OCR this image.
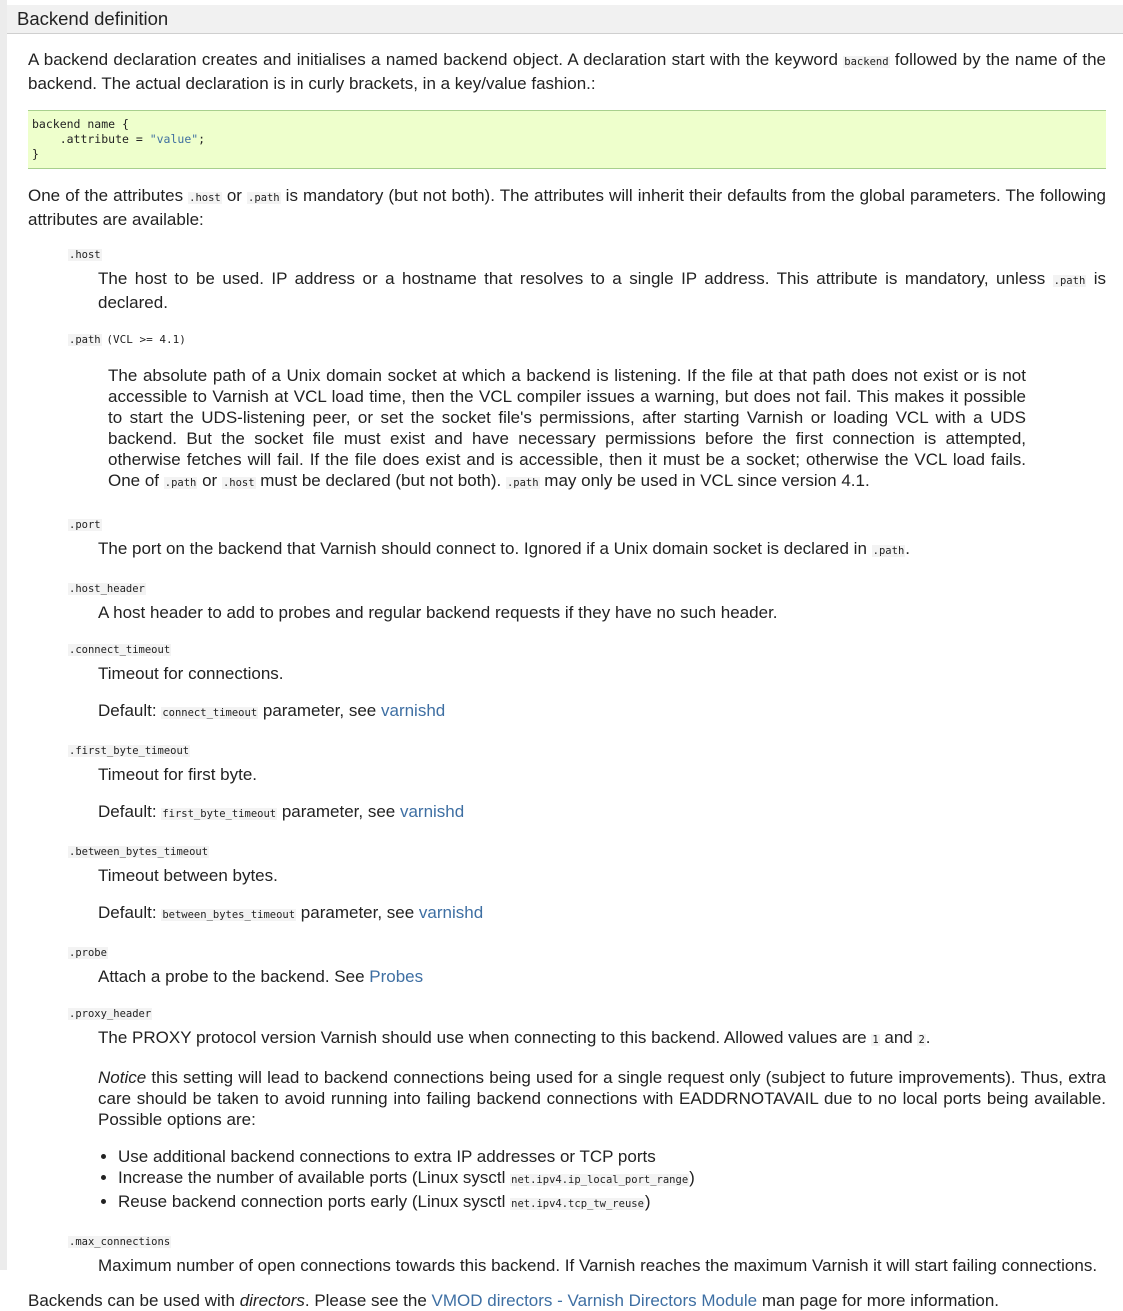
Backend definition

A backend declaration creates and initialises a named backend object. A declaration start with the keyword backend followed by the name of the backend. The actual declaration is in curly brackets, in a key/value fashion.:

backend name {
.attribute = "value";
}

One of the attributes .host or .path is mandatory (but not both). The attributes will inherit their defaults from the global parameters. The following attributes are available:

.host

The host to be used. IP address or a hostname that resolves to a single IP address. This attribute is mandatory, unless .path is declared.

.path (VCL >= 4.1)

The absolute path of a Unix domain socket at which a backend is listening. If the file at that path does not exist or is not accessible to Varnish at VCL load time, then the VCL compiler issues a warning, but does not fail. This makes it possible to start the UDS-listening peer, or set the socket file's permissions, after starting Varnish or loading VCL with a UDS backend. But the socket file must exist and have necessary permissions before the first connection is attempted, otherwise fetches will fail. If the file does exist and is accessible, then it must be a socket; otherwise the VCL load fails. One of .path or .host must be declared (but not both). .path may only be used in VCL since version 4.1.

.port

The port on the backend that Varnish should connect to. Ignored if a Unix domain socket is declared in .path.

.host_header

A host header to add to probes and regular backend requests if they have no such header.

.connect_timeout

Timeout for connections.

Default: connect_timeout parameter, see varnishd

.first_byte_timeout

Timeout for first byte.

Default: first_byte_timeout parameter, see varnishd

.between_bytes_timeout

Timeout between bytes.

Default: between_bytes_timeout parameter, see varnishd

.probe

Attach a probe to the backend. See Probes

.proxy_header

The PROXY protocol version Varnish should use when connecting to this backend. Allowed values are 1 and 2.

Notice this setting will lead to backend connections being used for a single request only (subject to future improvements). Thus, extra care should be taken to avoid running into failing backend connections with EADDRNOTAVAIL due to no local ports being available. Possible options are:

• Use additional backend connections to extra IP addresses or TCP ports
• Increase the number of available ports (Linux sysctl net.ipv4.ip_local_port_range)
• Reuse backend connection ports early (Linux sysctl net.ipv4.tcp_tw_reuse)
.max_connections

Maximum number of open connections towards this backend. If Varnish reaches the maximum Varnish it will start failing connections.

Backends can be used with directors. Please see the VMOD directors - Varnish Directors Module man page for more information.
